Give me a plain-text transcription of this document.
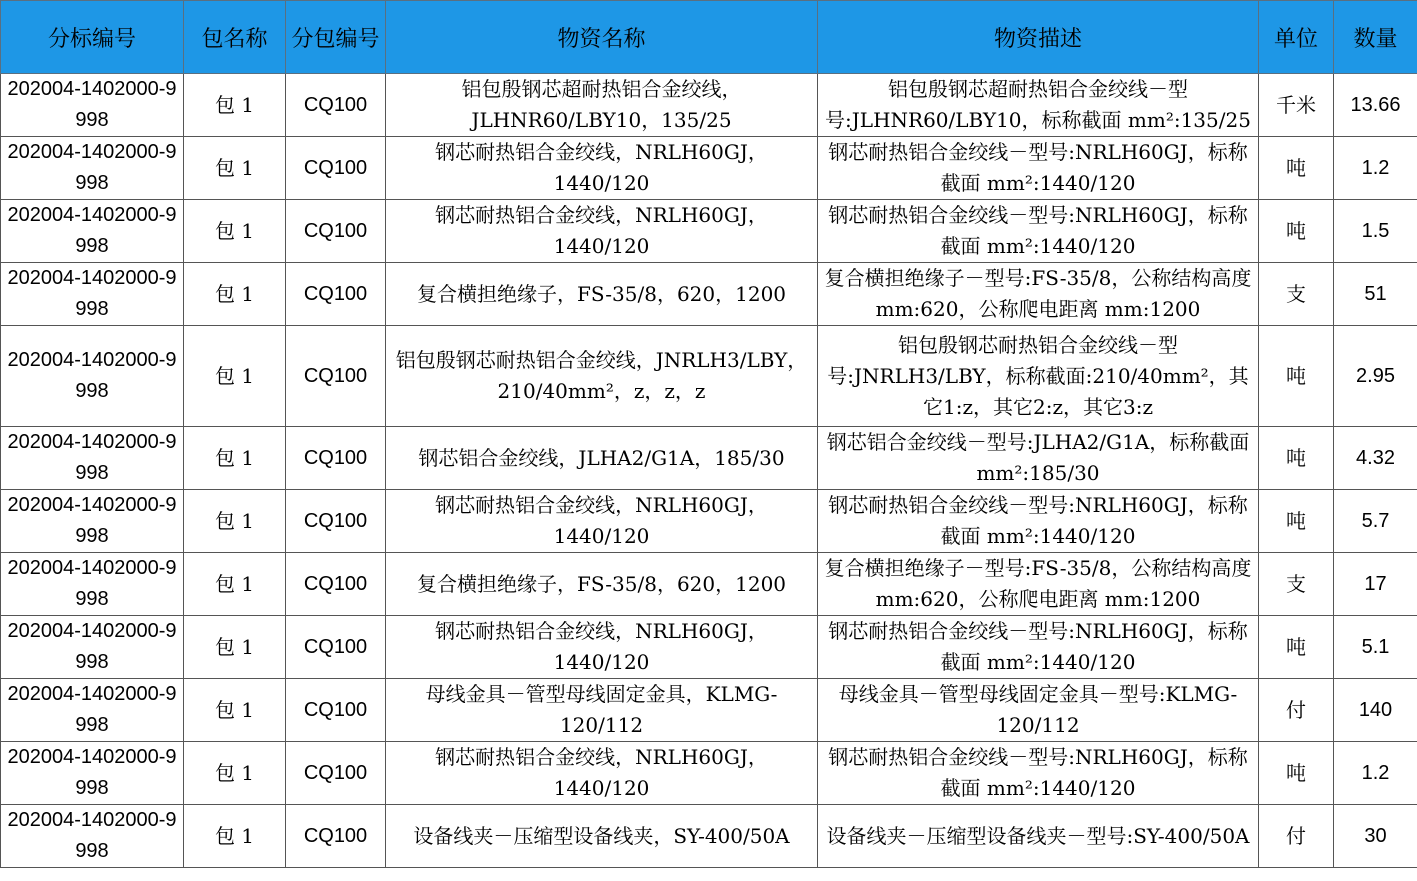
分标编号	包名称	分包编号	物资名称	物资描述	单位	数量
202004-1402000-9998	包 1	CQ100	铝包殷钢芯超耐热铝合金绞线，JLHNR60/LBY10，135/25	铝包殷钢芯超耐热铝合金绞线－型号:JLHNR60/LBY10，标称截面 mm²:135/25	千米	13.66
202004-1402000-9998	包 1	CQ100	钢芯耐热铝合金绞线，NRLH60GJ，1440/120	钢芯耐热铝合金绞线－型号:NRLH60GJ，标称截面 mm²:1440/120	吨	1.2
202004-1402000-9998	包 1	CQ100	钢芯耐热铝合金绞线，NRLH60GJ，1440/120	钢芯耐热铝合金绞线－型号:NRLH60GJ，标称截面 mm²:1440/120	吨	1.5
202004-1402000-9998	包 1	CQ100	复合横担绝缘子，FS-35/8，620，1200	复合横担绝缘子－型号:FS-35/8，公称结构高度 mm:620，公称爬电距离 mm:1200	支	51
202004-1402000-9998	包 1	CQ100	铝包殷钢芯耐热铝合金绞线，JNRLH3/LBY，210/40mm²，z，z，z	铝包殷钢芯耐热铝合金绞线－型号:JNRLH3/LBY，标称截面:210/40mm²，其它1:z，其它2:z，其它3:z	吨	2.95
202004-1402000-9998	包 1	CQ100	钢芯铝合金绞线，JLHA2/G1A，185/30	钢芯铝合金绞线－型号:JLHA2/G1A，标称截面 mm²:185/30	吨	4.32
202004-1402000-9998	包 1	CQ100	钢芯耐热铝合金绞线，NRLH60GJ，1440/120	钢芯耐热铝合金绞线－型号:NRLH60GJ，标称截面 mm²:1440/120	吨	5.7
202004-1402000-9998	包 1	CQ100	复合横担绝缘子，FS-35/8，620，1200	复合横担绝缘子－型号:FS-35/8，公称结构高度 mm:620，公称爬电距离 mm:1200	支	17
202004-1402000-9998	包 1	CQ100	钢芯耐热铝合金绞线，NRLH60GJ，1440/120	钢芯耐热铝合金绞线－型号:NRLH60GJ，标称截面 mm²:1440/120	吨	5.1
202004-1402000-9998	包 1	CQ100	母线金具－管型母线固定金具，KLMG-120/112	母线金具－管型母线固定金具－型号:KLMG-120/112	付	140
202004-1402000-9998	包 1	CQ100	钢芯耐热铝合金绞线，NRLH60GJ，1440/120	钢芯耐热铝合金绞线－型号:NRLH60GJ，标称截面 mm²:1440/120	吨	1.2
202004-1402000-9998	包 1	CQ100	设备线夹－压缩型设备线夹，SY-400/50A	设备线夹－压缩型设备线夹－型号:SY-400/50A	付	30
